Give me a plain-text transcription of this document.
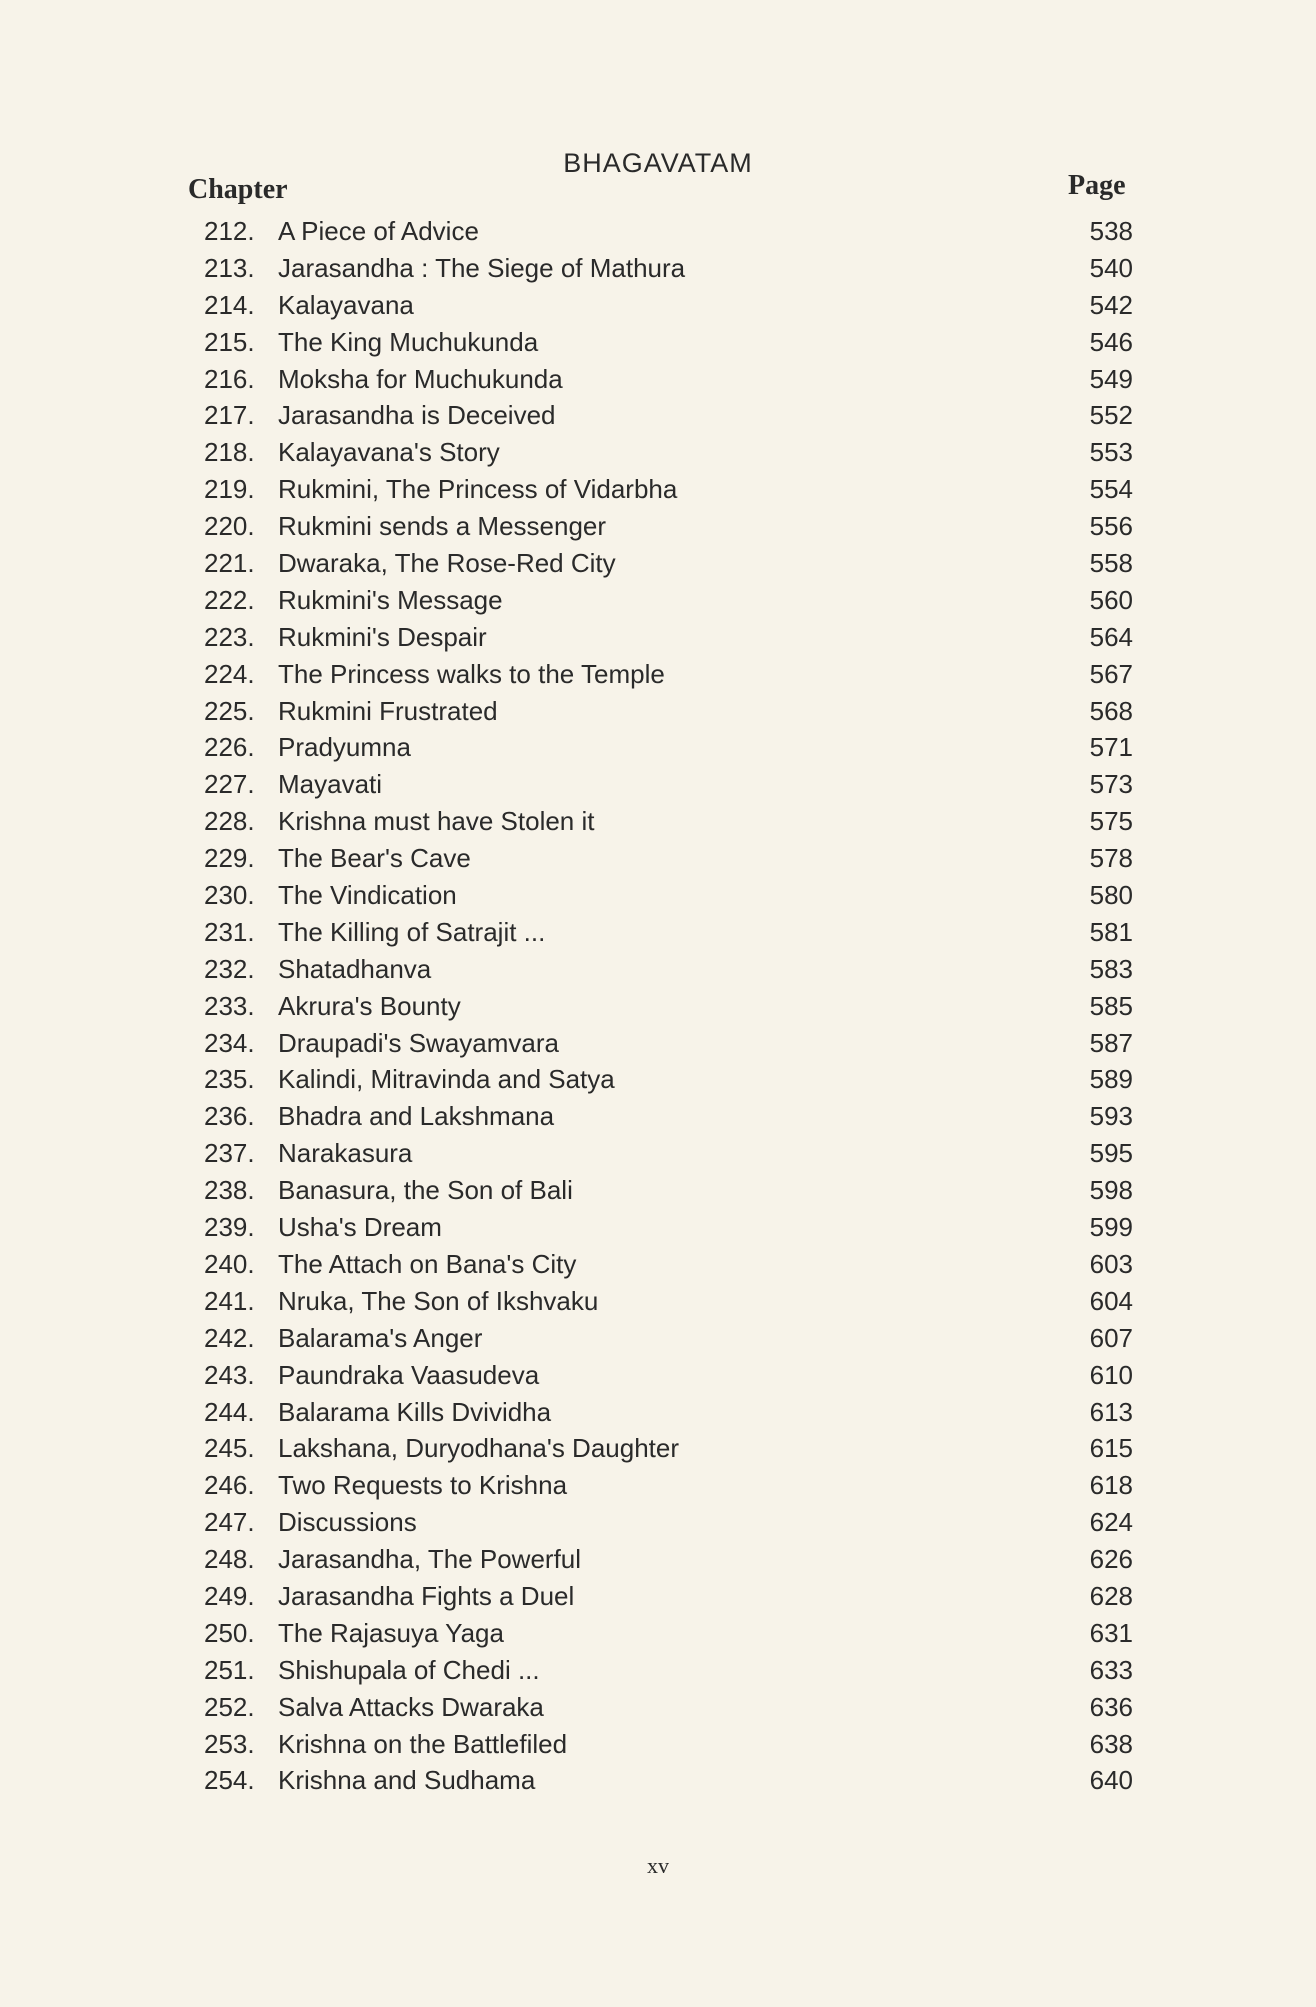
BHAGAVATAM
Chapter	Page
212. A Piece of Advice	538
213. Jarasandha : The Siege of Mathura	540
214. Kalayavana	542
215. The King Muchukunda	546
216. Moksha for Muchukunda	549
217. Jarasandha is Deceived	552
218. Kalayavana's Story	553
219. Rukmini, The Princess of Vidarbha	554
220. Rukmini sends a Messenger	556
221. Dwaraka, The Rose-Red City	558
222. Rukmini's Message	560
223. Rukmini's Despair	564
224. The Princess walks to the Temple	567
225. Rukmini Frustrated	568
226. Pradyumna	571
227. Mayavati	573
228. Krishna must have Stolen it	575
229. The Bear's Cave	578
230. The Vindication	580
231. The Killing of Satrajit ...	581
232. Shatadhanva	583
233. Akrura's Bounty	585
234. Draupadi's Swayamvara	587
235. Kalindi, Mitravinda and Satya	589
236. Bhadra and Lakshmana	593
237. Narakasura	595
238. Banasura, the Son of Bali	598
239. Usha's Dream	599
240. The Attach on Bana's City	603
241. Nruka, The Son of Ikshvaku	604
242. Balarama's Anger	607
243. Paundraka Vaasudeva	610
244. Balarama Kills Dvividha	613
245. Lakshana, Duryodhana's Daughter	615
246. Two Requests to Krishna	618
247. Discussions	624
248. Jarasandha, The Powerful	626
249. Jarasandha Fights a Duel	628
250. The Rajasuya Yaga	631
251. Shishupala of Chedi ...	633
252. Salva Attacks Dwaraka	636
253. Krishna on the Battlefiled	638
254. Krishna and Sudhama	640
xv
